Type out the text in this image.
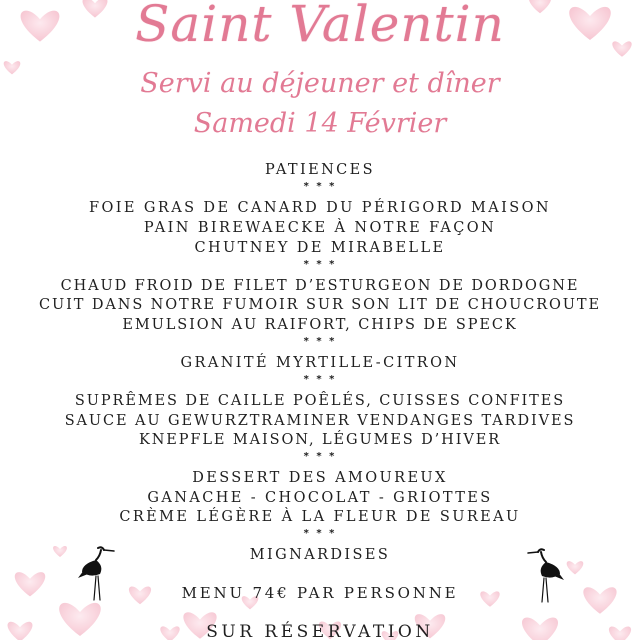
Saint Valentin
Servi au déjeuner et dîner
Samedi 14 Février
PATIENCES
* * *
FOIE GRAS DE CANARD DU PÉRIGORD MAISON
PAIN BIREWAECKE À NOTRE FAÇON
CHUTNEY DE MIRABELLE
* * *
CHAUD FROID DE FILET D’ESTURGEON DE DORDOGNE
CUIT DANS NOTRE FUMOIR SUR SON LIT DE CHOUCROUTE
EMULSION AU RAIFORT, CHIPS DE SPECK
* * *
GRANITÉ MYRTILLE-CITRON
* * *
SUPRÊMES DE CAILLE POÊLÉS, CUISSES CONFITES
SAUCE AU GEWURZTRAMINER VENDANGES TARDIVES
KNEPFLE MAISON, LÉGUMES D’HIVER
* * *
DESSERT DES AMOUREUX
GANACHE - CHOCOLAT - GRIOTTES
CRÈME LÉGÈRE À LA FLEUR DE SUREAU
* * *
MIGNARDISES
MENU 74€ PAR PERSONNE
SUR RÉSERVATION
